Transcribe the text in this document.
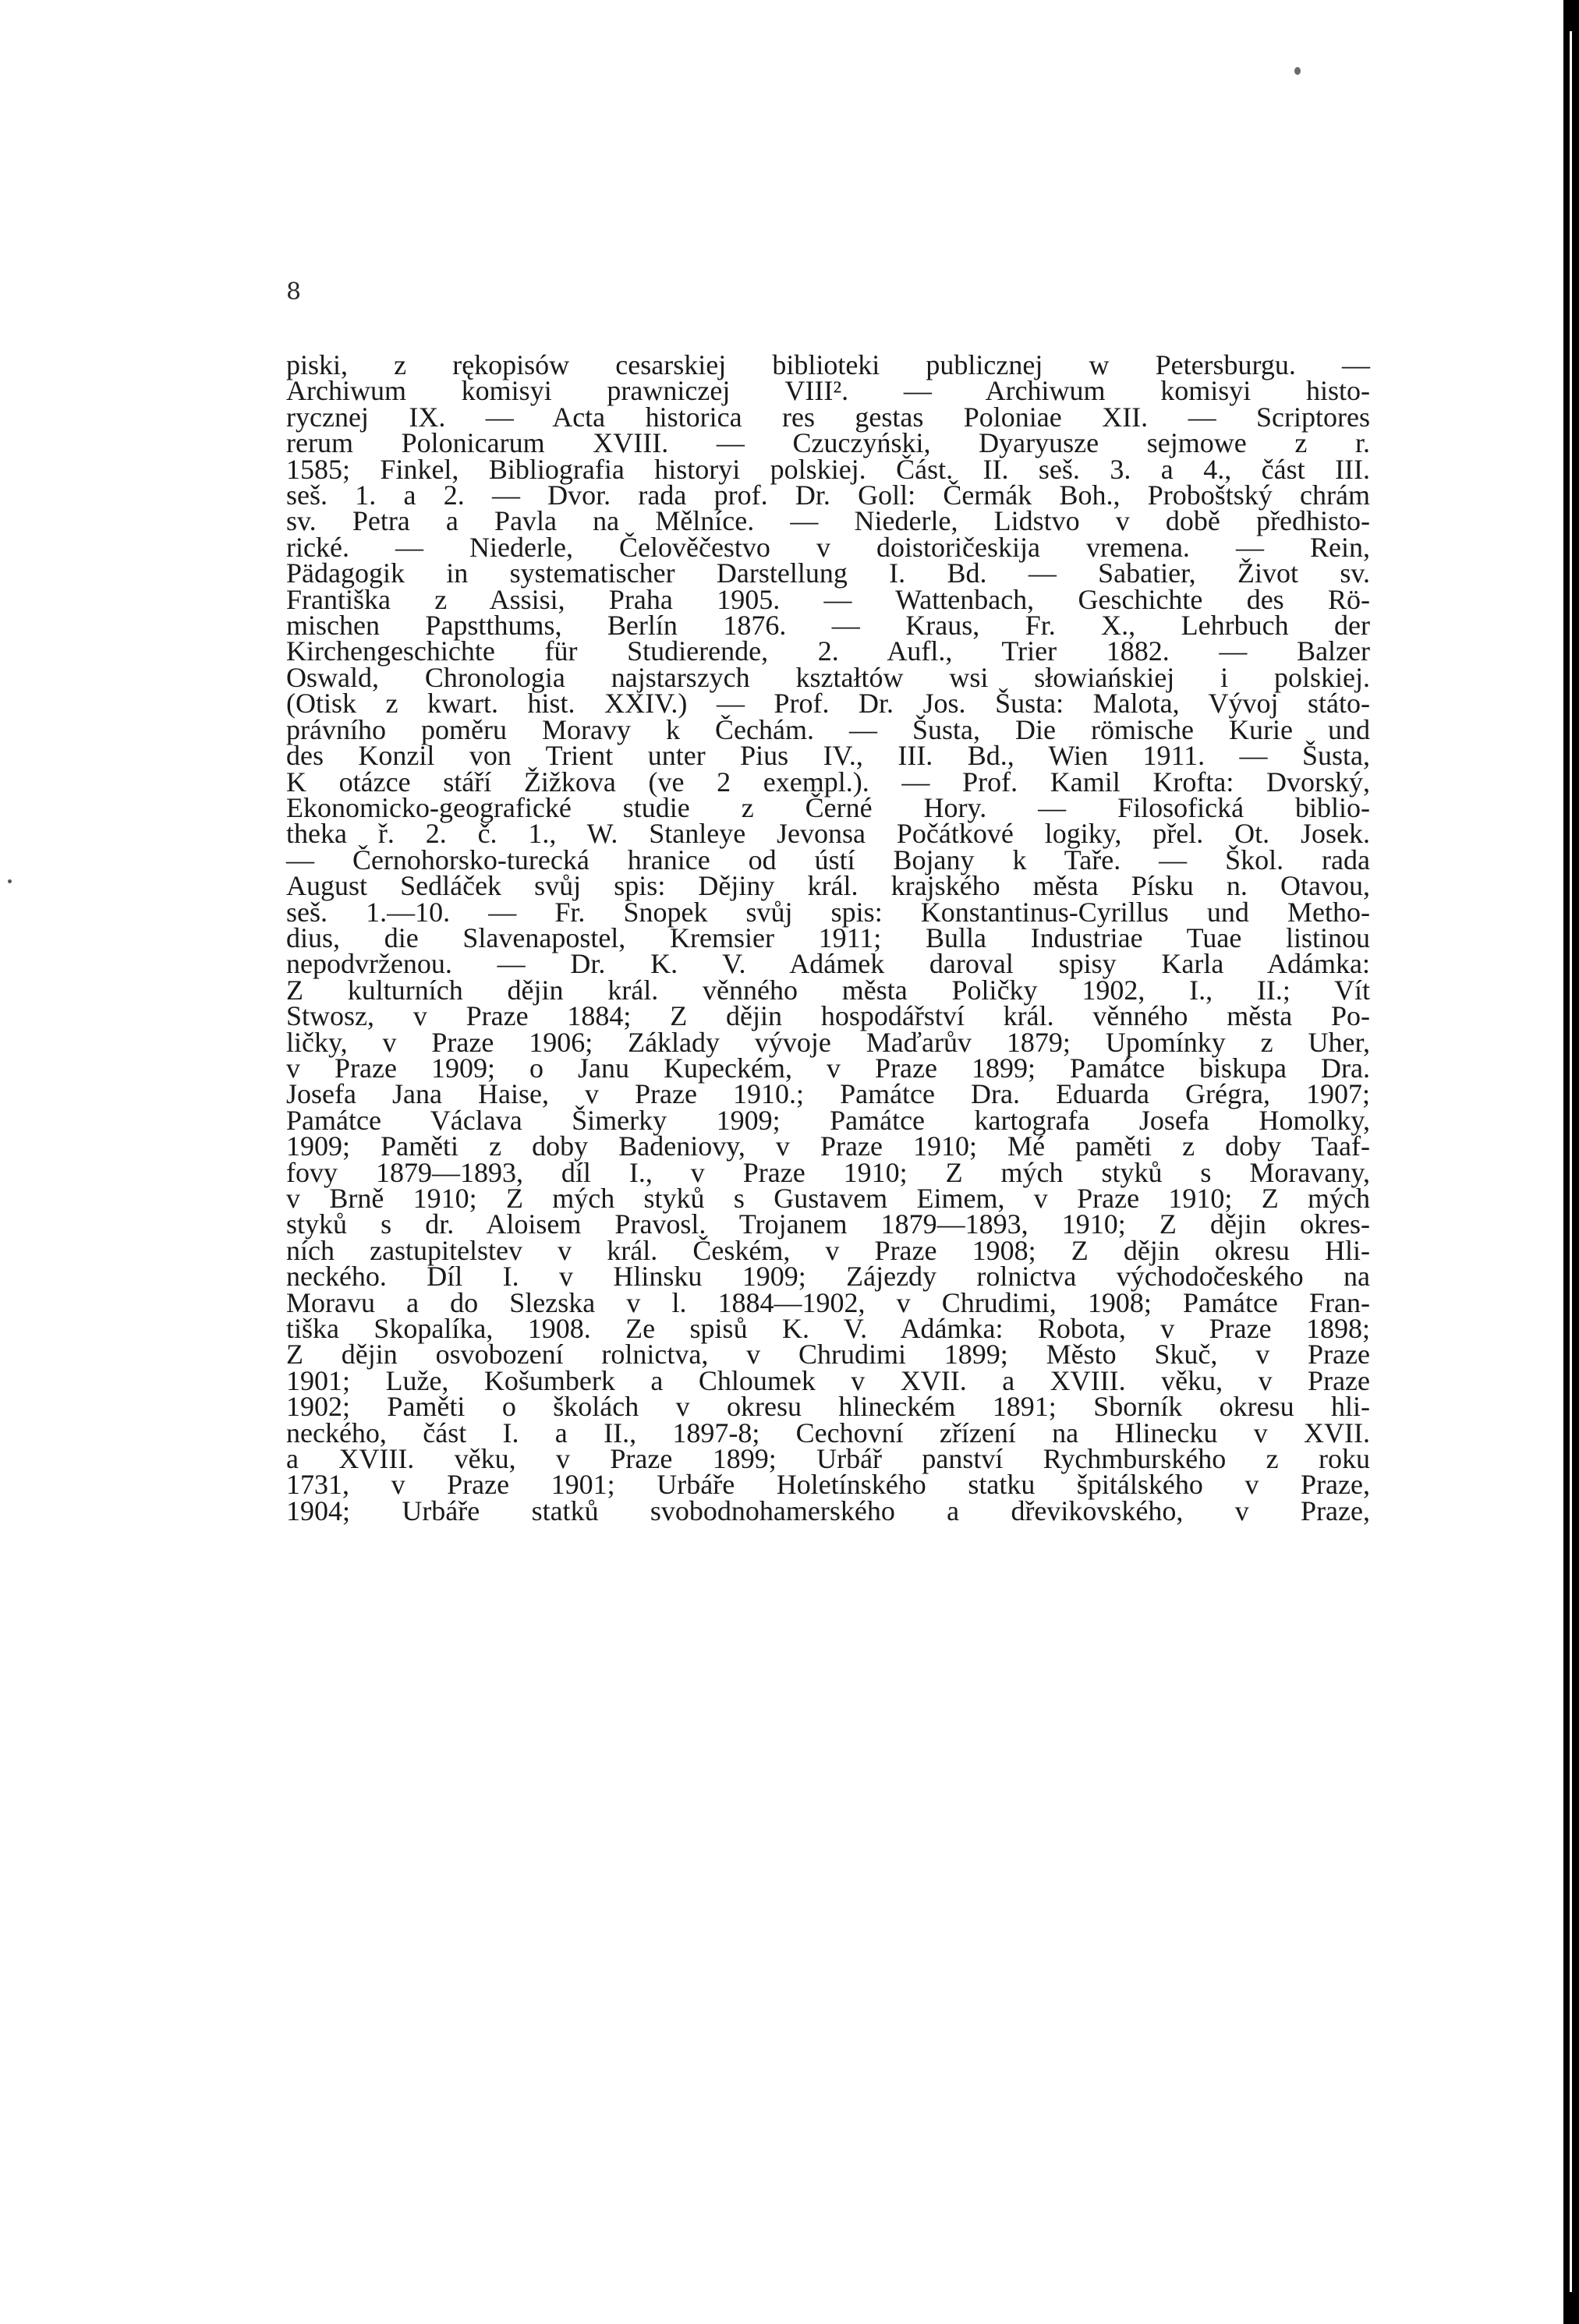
8
piski, z rękopisów cesarskiej biblioteki publicznej w Petersburgu. —
Archiwum komisyi prawniczej VIII². — Archiwum komisyi histo-
rycznej IX. — Acta historica res gestas Poloniae XII. — Scriptores
rerum Polonicarum XVIII. — Czuczyński, Dyaryusze sejmowe z r.
1585; Finkel, Bibliografia historyi polskiej. Část. II. seš. 3. a 4., část III.
seš. 1. a 2. — Dvor. rada prof. Dr. Goll: Čermák Boh., Proboštský chrám
sv. Petra a Pavla na Mělníce. — Niederle, Lidstvo v době předhisto-
rické. — Niederle, Čelověčestvo v doistoričeskija vremena. — Rein,
Pädagogik in systematischer Darstellung I. Bd. — Sabatier, Život sv.
Františka z Assisi, Praha 1905. — Wattenbach, Geschichte des Rö-
mischen Papstthums, Berlín 1876. — Kraus, Fr. X., Lehrbuch der
Kirchengeschichte für Studierende, 2. Aufl., Trier 1882. — Balzer
Oswald, Chronologia najstarszych kształtów wsi słowiańskiej i polskiej.
(Otisk z kwart. hist. XXIV.) — Prof. Dr. Jos. Šusta: Malota, Vývoj státo-
právního poměru Moravy k Čechám. — Šusta, Die römische Kurie und
des Konzil von Trient unter Pius IV., III. Bd., Wien 1911. — Šusta,
K otázce stáří Žižkova (ve 2 exempl.). — Prof. Kamil Krofta: Dvorský,
Ekonomicko-geografické studie z Černé Hory. — Filosofická biblio-
theka ř. 2. č. 1., W. Stanleye Jevonsa Počátkové logiky, přel. Ot. Josek.
— Černohorsko-turecká hranice od ústí Bojany k Taře. — Škol. rada
August Sedláček svůj spis: Dějiny král. krajského města Písku n. Otavou,
seš. 1.—10. — Fr. Snopek svůj spis: Konstantinus-Cyrillus und Metho-
dius, die Slavenapostel, Kremsier 1911; Bulla Industriae Tuae listinou
nepodvrženou. — Dr. K. V. Adámek daroval spisy Karla Adámka:
Z kulturních dějin král. věnného města Poličky 1902, I., II.; Vít
Stwosz, v Praze 1884; Z dějin hospodářství král. věnného města Po-
ličky, v Praze 1906; Základy vývoje Maďarův 1879; Upomínky z Uher,
v Praze 1909; o Janu Kupeckém, v Praze 1899; Památce biskupa Dra.
Josefa Jana Haise, v Praze 1910.; Památce Dra. Eduarda Grégra, 1907;
Památce Václava Šimerky 1909; Památce kartografa Josefa Homolky,
1909; Paměti z doby Badeniovy, v Praze 1910; Mé paměti z doby Taaf-
fovy 1879—1893, díl I., v Praze 1910; Z mých styků s Moravany,
v Brně 1910; Z mých styků s Gustavem Eimem, v Praze 1910; Z mých
styků s dr. Aloisem Pravosl. Trojanem 1879—1893, 1910; Z dějin okres-
ních zastupitelstev v král. Českém, v Praze 1908; Z dějin okresu Hli-
neckého. Díl I. v Hlinsku 1909; Zájezdy rolnictva východočeského na
Moravu a do Slezska v l. 1884—1902, v Chrudimi, 1908; Památce Fran-
tiška Skopalíka, 1908. Ze spisů K. V. Adámka: Robota, v Praze 1898;
Z dějin osvobození rolnictva, v Chrudimi 1899; Město Skuč, v Praze
1901; Luže, Košumberk a Chloumek v XVII. a XVIII. věku, v Praze
1902; Paměti o školách v okresu hlineckém 1891; Sborník okresu hli-
neckého, část I. a II., 1897-8; Cechovní zřízení na Hlinecku v XVII.
a XVIII. věku, v Praze 1899; Urbář panství Rychmburského z roku
1731, v Praze 1901; Urbáře Holetínského statku špitálského v Praze,
1904; Urbáře statků svobodnohamerského a dřevikovského, v Praze,
